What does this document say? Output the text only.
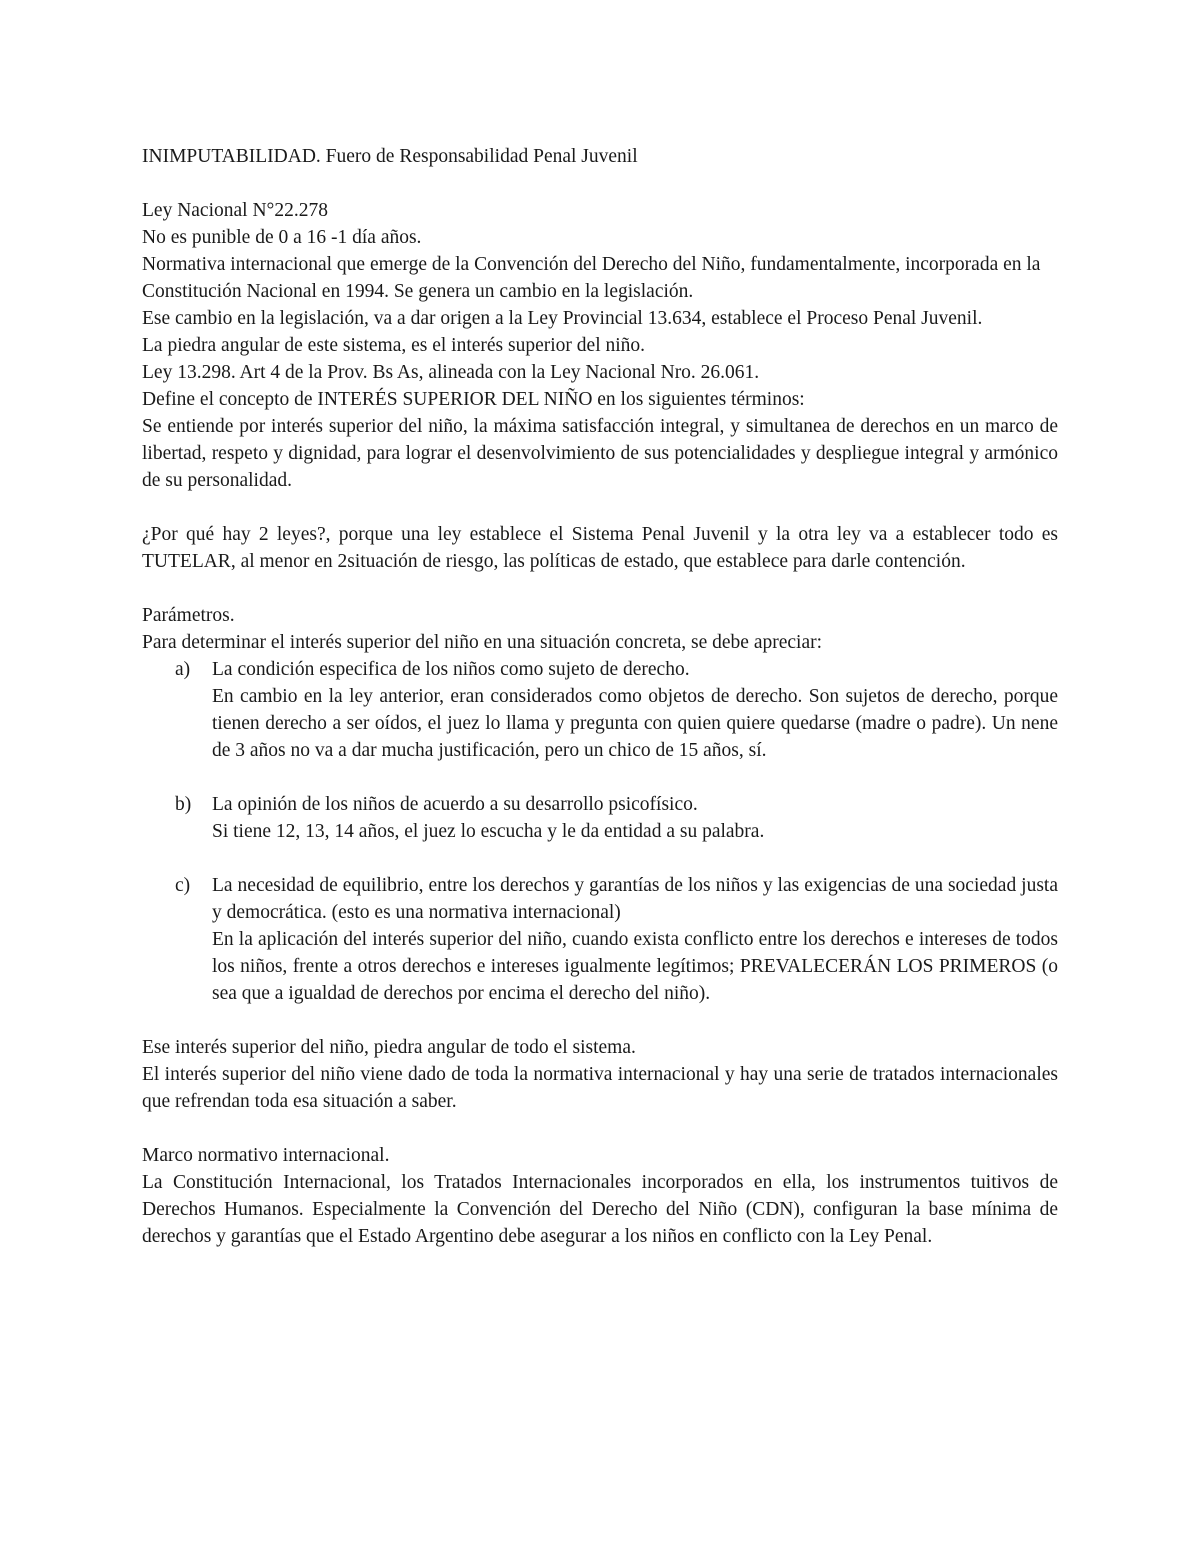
INIMPUTABILIDAD. Fuero de Responsabilidad Penal Juvenil
Ley Nacional N°22.278
No es punible de 0 a 16 -1 día años.

Normativa internacional que emerge de la Convención del Derecho del Niño, fundamentalmente, incorporada en la Constitución Nacional en 1994. Se genera un cambio en la legislación.

Ese cambio en la legislación, va a dar origen a la Ley Provincial 13.634, establece el Proceso Penal Juvenil.

La piedra angular de este sistema, es el interés superior del niño.
Ley 13.298. Art 4 de la Prov. Bs As, alineada con la Ley Nacional Nro. 26.061.
Define el concepto de INTERÉS SUPERIOR DEL NIÑO en los siguientes términos:

Se entiende por interés superior del niño, la máxima satisfacción integral, y simultanea de derechos en un marco de libertad, respeto y dignidad, para lograr el desenvolvimiento de sus potencialidades y despliegue integral y armónico de su personalidad.

¿Por qué hay 2 leyes?, porque una ley establece el Sistema Penal Juvenil y la otra ley va a establecer todo es TUTELAR, al menor en 2situación de riesgo, las políticas de estado, que establece para darle contención.

Parámetros.
Para determinar el interés superior del niño en una situación concreta, se debe apreciar:
a) La condición especifica de los niños como sujeto de derecho.
En cambio en la ley anterior, eran considerados como objetos de derecho. Son sujetos de derecho, porque tienen derecho a ser oídos, el juez lo llama y pregunta con quien quiere quedarse (madre o padre). Un nene de 3 años no va a dar mucha justificación, pero un chico de 15 años, sí.
b) La opinión de los niños de acuerdo a su desarrollo psicofísico.
Si tiene 12, 13, 14 años, el juez lo escucha y le da entidad a su palabra.
c) La necesidad de equilibrio, entre los derechos y garantías de los niños y las exigencias de una sociedad justa y democrática. (esto es una normativa internacional)
En la aplicación del interés superior del niño, cuando exista conflicto entre los derechos e intereses de todos los niños, frente a otros derechos e intereses igualmente legítimos; PREVALECERÁN LOS PRIMEROS (o sea que a igualdad de derechos por encima el derecho del niño).
Ese interés superior del niño, piedra angular de todo el sistema.

El interés superior del niño viene dado de toda la normativa internacional y hay una serie de tratados internacionales que refrendan toda esa situación a saber.

Marco normativo internacional.

La Constitución Internacional, los Tratados Internacionales incorporados en ella, los instrumentos tuitivos de Derechos Humanos. Especialmente la Convención del Derecho del Niño (CDN), configuran la base mínima de derechos y garantías que el Estado Argentino debe asegurar a los niños en conflicto con la Ley Penal.
